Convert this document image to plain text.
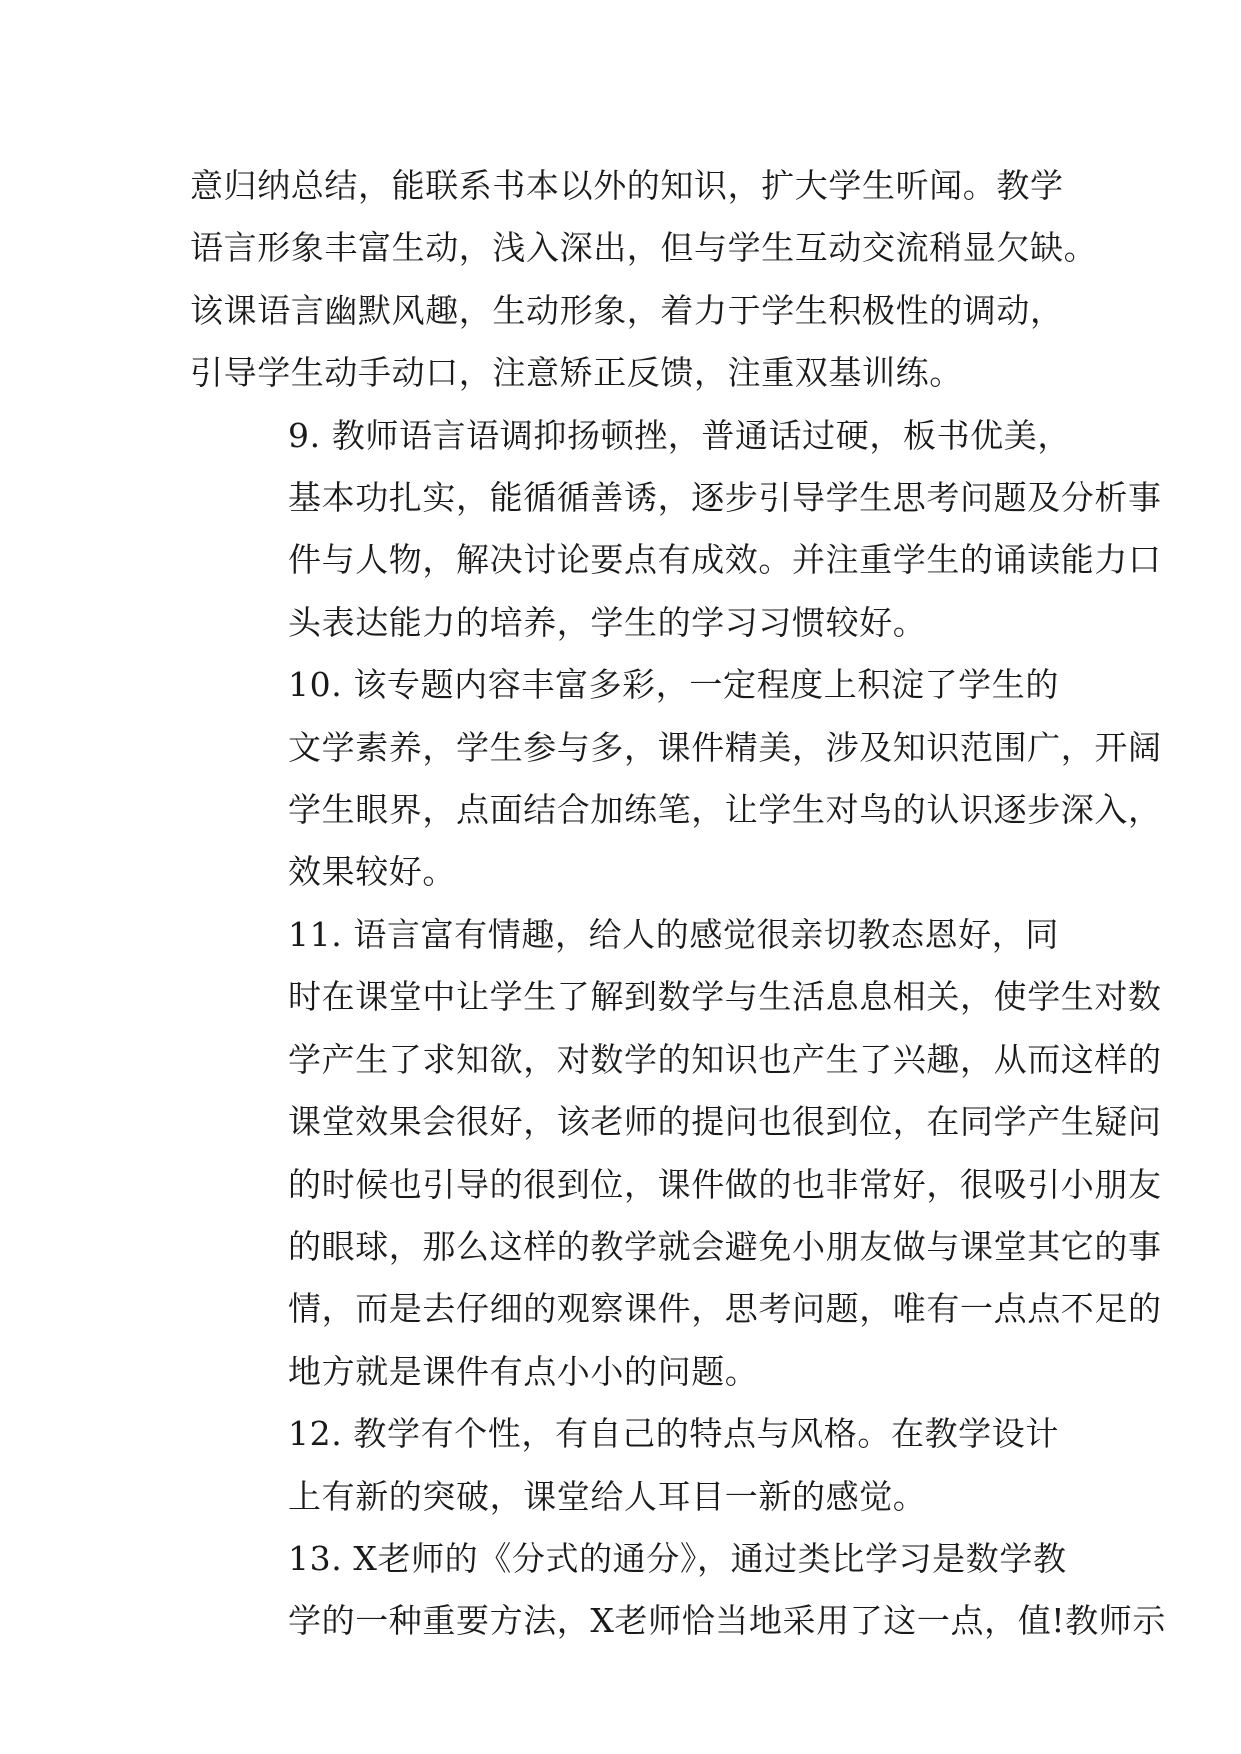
意归纳总结，能联系书本以外的知识，扩大学生听闻。教学
语言形象丰富生动，浅入深出，但与学生互动交流稍显欠缺。
该课语言幽默风趣，生动形象，着力于学生积极性的调动，
引导学生动手动口，注意矫正反馈，注重双基训练。

9. 教师语言语调抑扬顿挫，普通话过硬，板书优美，
基本功扎实，能循循善诱，逐步引导学生思考问题及分析事
件与人物，解决讨论要点有成效。并注重学生的诵读能力口
头表达能力的培养，学生的学习习惯较好。

10. 该专题内容丰富多彩，一定程度上积淀了学生的
文学素养，学生参与多，课件精美，涉及知识范围广，开阔
学生眼界，点面结合加练笔，让学生对鸟的认识逐步深入，
效果较好。

11. 语言富有情趣，给人的感觉很亲切教态恩好，同
时在课堂中让学生了解到数学与生活息息相关，使学生对数
学产生了求知欲，对数学的知识也产生了兴趣，从而这样的
课堂效果会很好，该老师的提问也很到位，在同学产生疑问
的时候也引导的很到位，课件做的也非常好，很吸引小朋友
的眼球，那么这样的教学就会避免小朋友做与课堂其它的事
情，而是去仔细的观察课件，思考问题，唯有一点点不足的
地方就是课件有点小小的问题。

12. 教学有个性，有自己的特点与风格。在教学设计
上有新的突破，课堂给人耳目一新的感觉。

13. X老师的《分式的通分》，通过类比学习是数学教
学的一种重要方法，X老师恰当地采用了这一点，值!教师示
